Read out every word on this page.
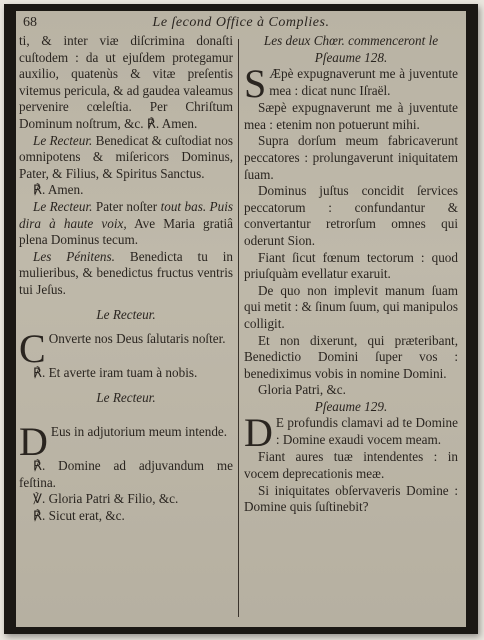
68	Le ſecond Office à Complies.

ti, & inter viæ diſcrimina donaſti cuſtodem : da ut ejuſdem protegamur auxilio, quatenùs & vitæ preſentis vitemus pericula, & ad gaudea valeamus pervenire cœleſtia. Per Chriſtum Dominum noſtrum, &c. ℟. Amen.

Le Recteur. Benedicat & cuſtodiat nos omnipotens & miſericors Dominus, Pater, & Filius, & Spiritus Sanctus.

℟. Amen.

Le Recteur. Pater noſter tout bas. Puis dira à haute voix, Ave Maria gratiâ plena Dominus tecum.

Les Pénitens. Benedicta tu in mulieribus, & benedictus fructus ventris tui Jeſus.

Le Recteur.

C Onverte nos Deus ſalutaris noſter.

℟. Et averte iram tuam à nobis.

Le Recteur.

D Eus in adjutorium meum intende.

℟. Domine ad adjuvandum me feſtina.

℣. Gloria Patri & Filio, &c.

℟. Sicut erat, &c.

Les deux Chœr. commenceront le

Pſeaume 128.

S Æpè expugnaverunt me à juventute mea : dicat nunc Iſraël.

Sæpè expugnaverunt me à juventute mea : etenim non potuerunt mihi.

Supra dorſum meum fabricaverunt peccatores : prolungaverunt iniquitatem ſuam.

Dominus juſtus concidit ſervices peccatorum : confundantur & convertantur retrorſum omnes qui oderunt Sion.

Fiant ſicut fœnum tectorum : quod priuſquàm evellatur exaruit.

De quo non implevit manum ſuam qui metit : & ſinum ſuum, qui manipulos colligit.

Et non dixerunt, qui præteribant, Benedictio Domini ſuper vos : benediximus vobis in nomine Domini.

Gloria Patri, &c.

Pſeaume 129.

D E profundis clamavi ad te Domine : Domine exaudi vocem meam.

Fiant aures tuæ intendentes : in vocem deprecationis meæ.

Si iniquitates obſervaveris Domine : Domine quis ſuſtinebit?
